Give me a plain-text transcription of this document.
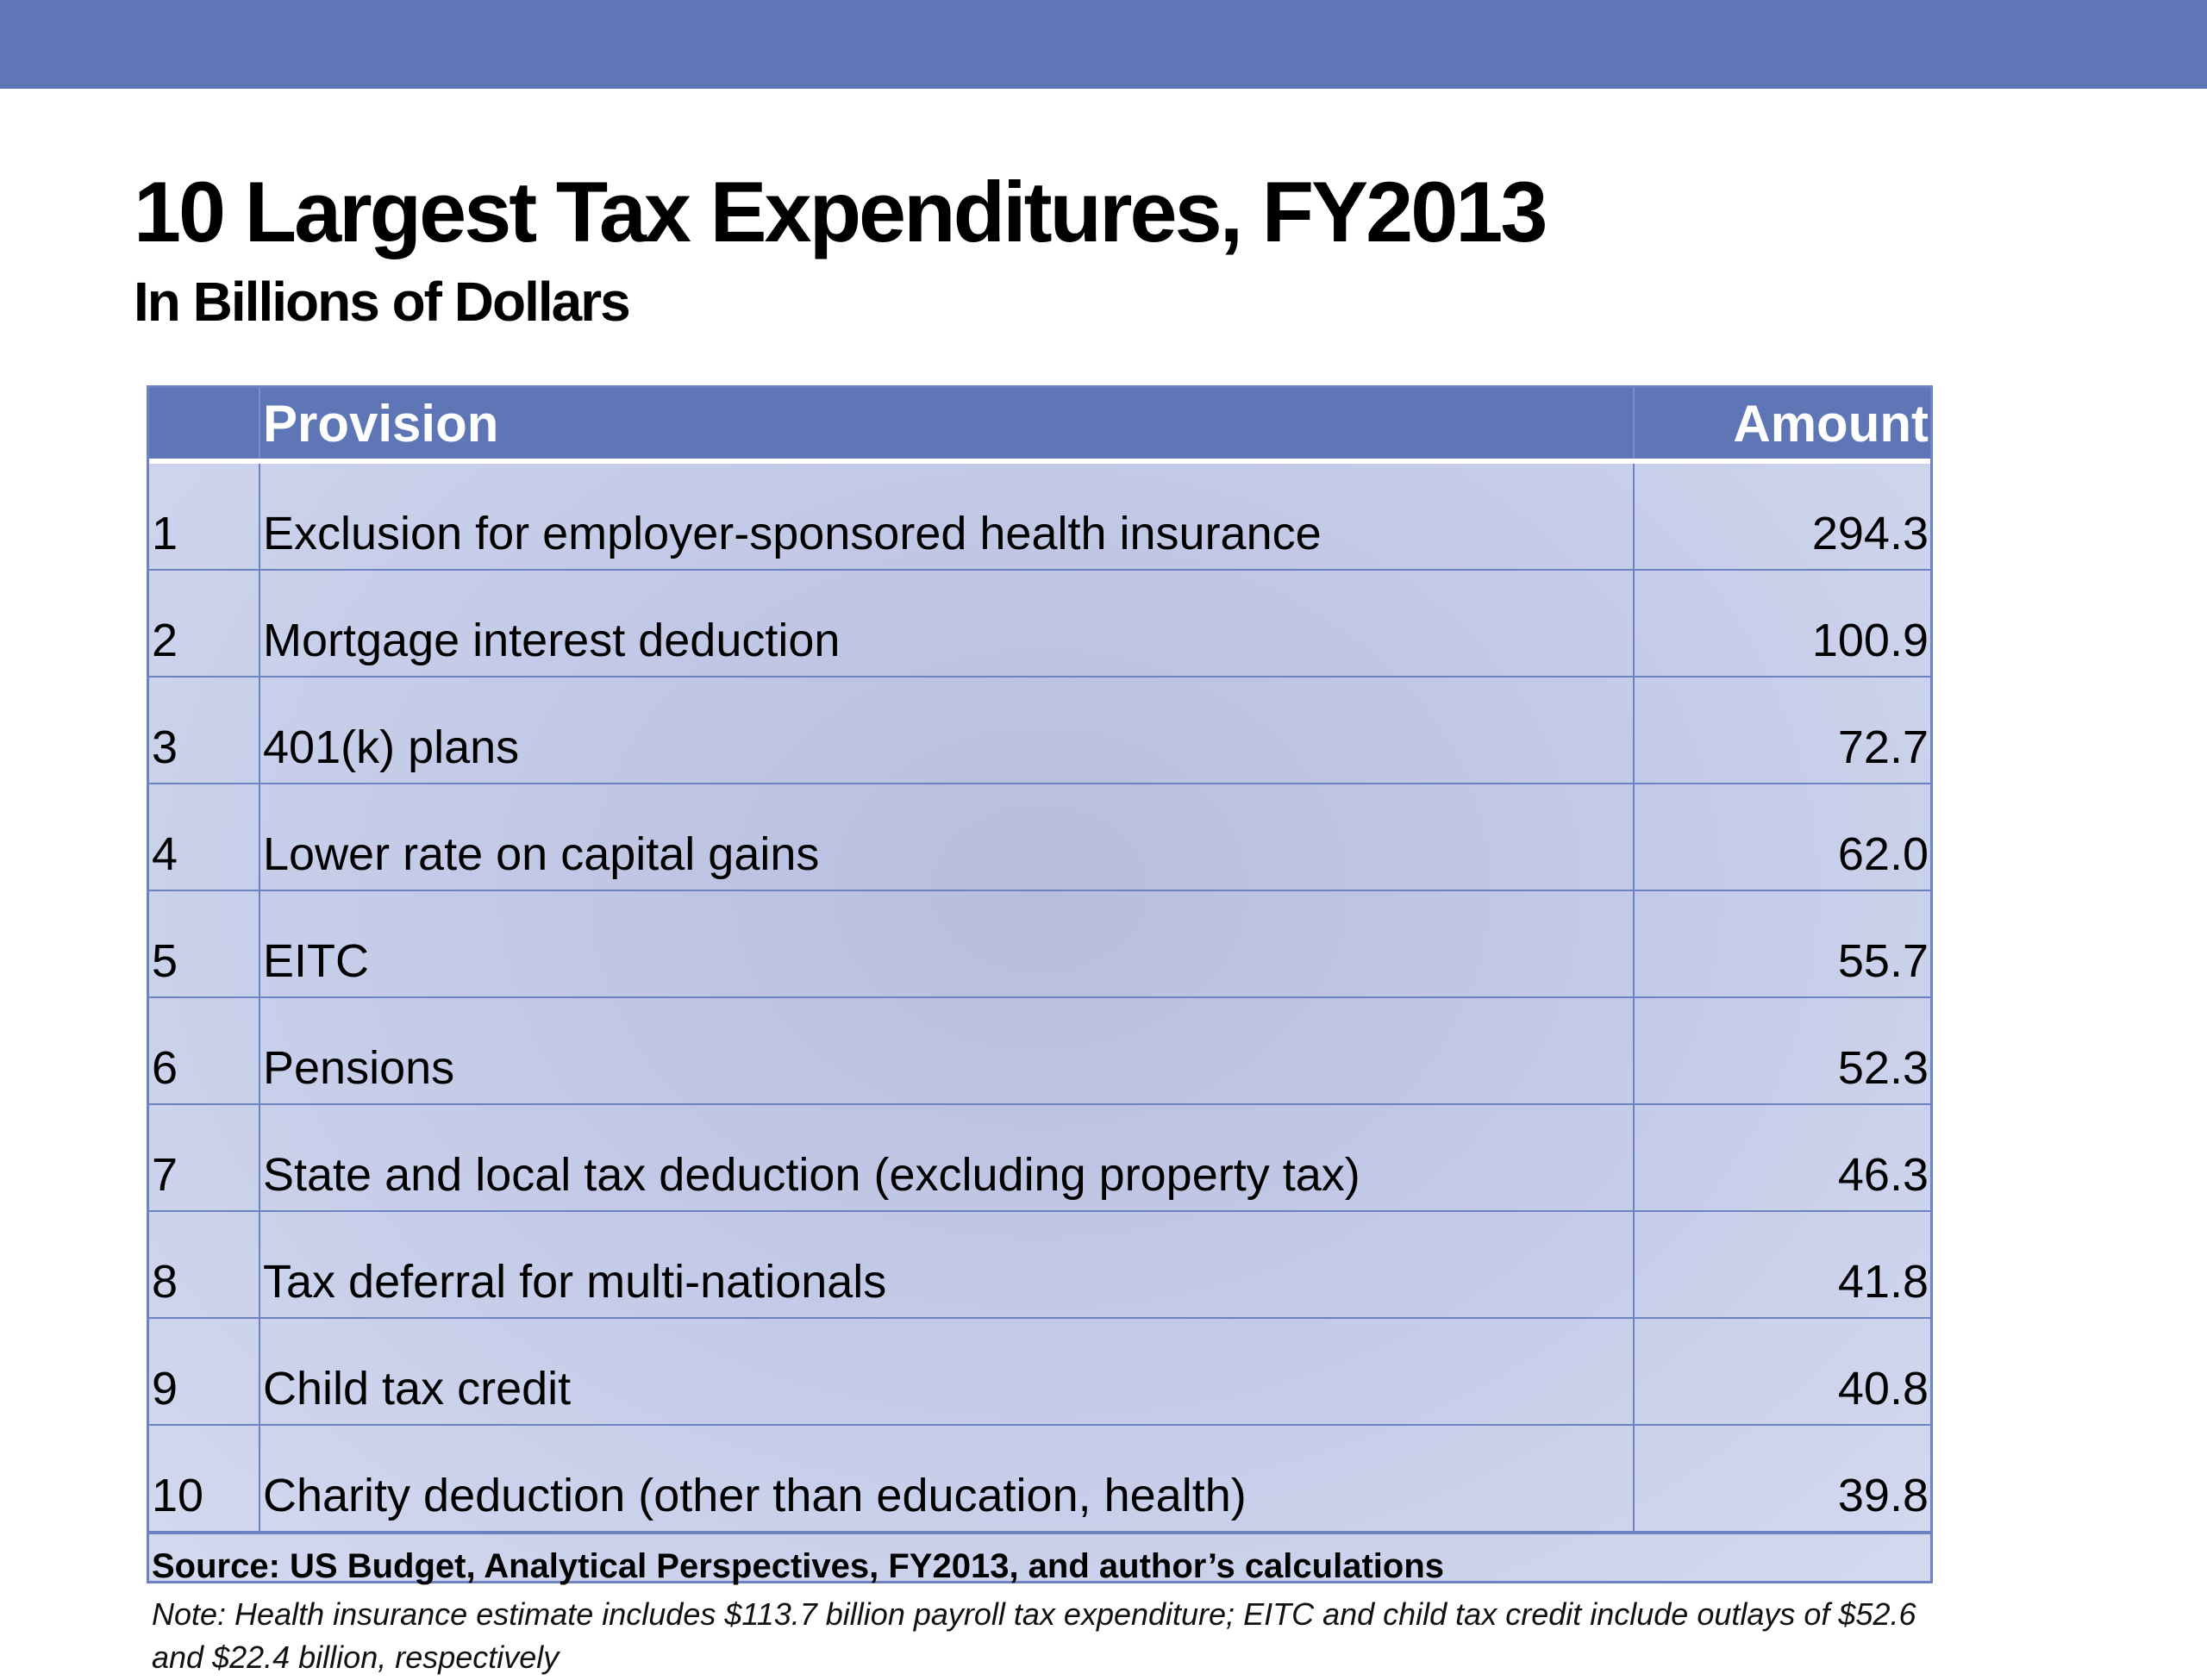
10 Largest Tax Expenditures, FY2013
In Billions of Dollars
	Provision	Amount
1	Exclusion for employer-sponsored health insurance	294.3
2	Mortgage interest deduction	100.9
3	401(k) plans	72.7
4	Lower rate on capital gains	62.0
5	EITC	55.7
6	Pensions	52.3
7	State and local tax deduction (excluding property tax)	46.3
8	Tax deferral for multi-nationals	41.8
9	Child tax credit	40.8
10	Charity deduction (other than education, health)	39.8

Source: US Budget, Analytical Perspectives, FY2013, and author’s calculations

Note: Health insurance estimate includes $113.7 billion payroll tax expenditure; EITC and child tax credit include outlays of $52.6 and $22.4 billion, respectively
